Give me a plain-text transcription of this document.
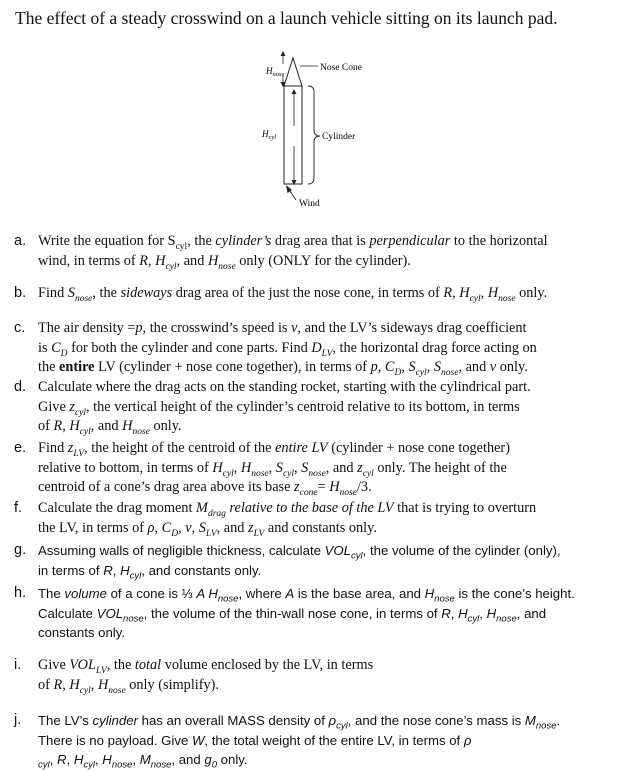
The effect of a steady crosswind on a launch vehicle sitting on its launch pad.
$H_{nose}$
$H_{cyl}$
Nose Cone
Cylinder
Wind
a. Write the equation for $S_{cyl}$, the cylinder’s drag area that is perpendicular to the horizontal
wind, in terms of R, $H_{cyl}$, and $H_{nose}$ only (ONLY for the cylinder).
b. Find $S_{nose}$, the sideways drag area of the just the nose cone, in terms of R, $H_{cyl}$, $H_{nose}$ only.
c. The air density =p, the crosswind’s speed is v, and the LV’s sideways drag coefficient
is $C_D$ for both the cylinder and cone parts. Find $D_{LV}$, the horizontal drag force acting on
the entire LV (cylinder + nose cone together), in terms of p, $C_D$, $S_{cyl}$, $S_{nose}$, and v only.
d. Calculate where the drag acts on the standing rocket, starting with the cylindrical part.
Give $z_{cyl}$, the vertical height of the cylinder’s centroid relative to its bottom, in terms
of R, $H_{cyl}$, and $H_{nose}$ only.
e. Find $z_{LV}$, the height of the centroid of the entire LV (cylinder + nose cone together)
relative to bottom, in terms of $H_{cyl}$, $H_{nose}$, $S_{cyl}$, $S_{nose}$, and $z_{cyl}$ only. The height of the
centroid of a cone’s drag area above its base $z_{cone}= H_{nose}/3$.
f. Calculate the drag moment $M_{drag}$ relative to the base of the LV that is trying to overturn
the LV, in terms of ρ, $C_D$, v, $S_{LV}$, and $z_{LV}$ and constants only.
g. Assuming walls of negligible thickness, calculate $VOL_{cyl}$, the volume of the cylinder (only),
in terms of R, $H_{cyl}$, and constants only.
h. The volume of a cone is ⅓ A $H_{nose}$, where A is the base area, and $H_{nose}$ is the cone’s height.
Calculate $VOL_{nose}$, the volume of the thin-wall nose cone, in terms of R, $H_{cyl}$, $H_{nose}$, and
constants only.
i. Give $VOL_{LV}$, the total volume enclosed by the LV, in terms
of R, $H_{cyl}$, $H_{nose}$ only (simplify).
j. The LV’s cylinder has an overall MASS density of $\rho_{cyl}$, and the nose cone’s mass is $M_{nose}$.
There is no payload. Give W, the total weight of the entire LV, in terms of ρ
$_{cyl}$, R, $H_{cyl}$, $H_{nose}$, $M_{nose}$, and $g_0$ only.
